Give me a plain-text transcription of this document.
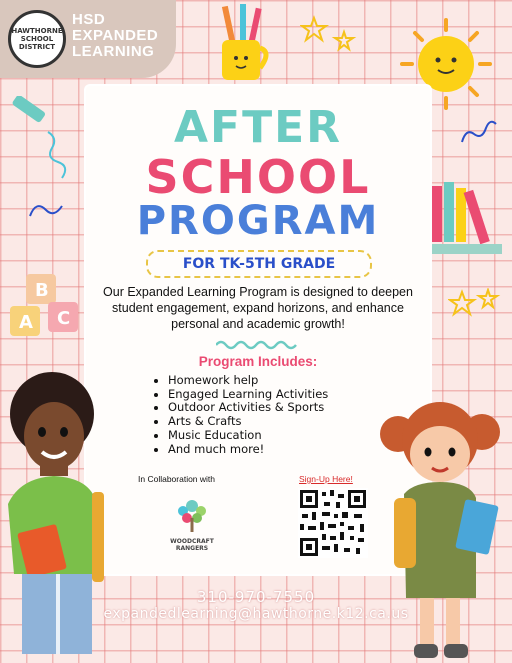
HAWTHORNE SCHOOL DISTRICT
HSD
EXPANDED
LEARNING
B
A C
AFTER
SCHOOL
PROGRAM
FOR TK-5TH GRADE
Our Expanded Learning Program is designed to deepen student engagement, expand horizons, and enhance personal and academic growth!
Program Includes:
• Homework help
• Engaged Learning Activities
• Outdoor Activities & Sports
• Arts & Crafts
• Music Education
• And much more!
In Collaboration with	Sign-Up Here!
WOODCRAFT RANGERS
310-970-7550
expandedlearning@hawthorne.k12.ca.us
